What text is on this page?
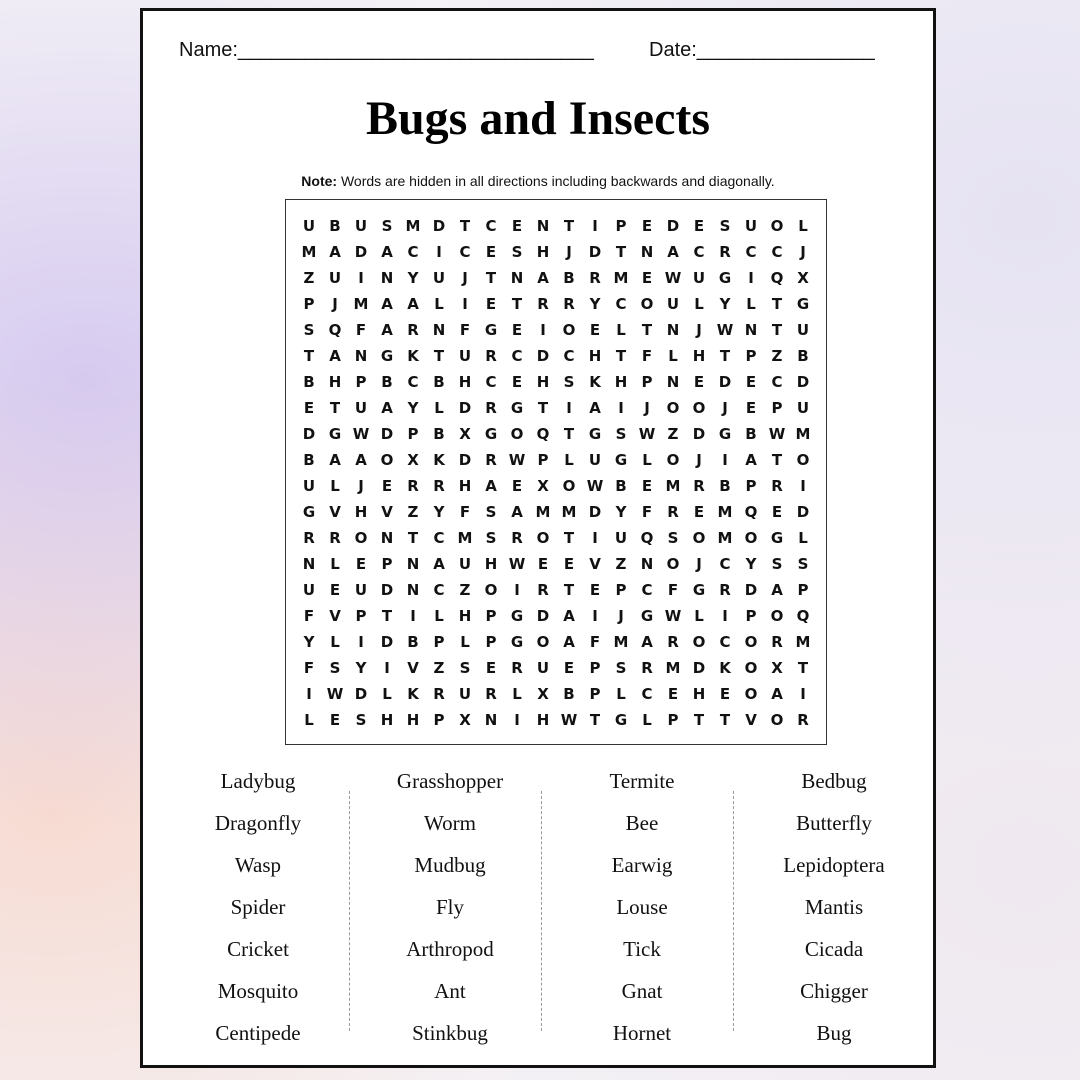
Name:________________________________	Date:________________
Bugs and Insects
Note: Words are hidden in all directions including backwards and diagonally.
U B U S M D T	C	E N T	I	P	E D E	S U O L
M A D A C	I	C	E	S H	J	D T N A C R C C	J
Z U	I	N Y U	J	T N A B R M E W U G	I	Q X
P	J	M A A	L	I	E	T	R R Y	C O U	L	Y	L	T G
S Q F	A R N F G E	I	O E	L	T N	J W N T U
T	A N G K	T U R C D C H T	F	L H T	P	Z B
B H P B C B H C	E H S K H P N E D E	C D
E	T U A Y	L D R G T	I	A	I	J	O O	J	E	P U
D G W D P B X G O Q T G S W Z D G B W M
B A A O X K D R W P	L	U G	L O	J	I	A	T O
U	L	J	E	R R H A	E	X O W B	E M R B P R	I
G V H V Z	Y	F	S A M M D Y	F	R	E M Q E D
R R O N T	C M S R O T	I	U Q S O M O G	L
N L	E	P N A U H W E	E	V Z N O	J	C	Y	S	S
U E U D N C	Z O	I	R	T	E	P C	F G R D A P
F	V P	T	I	L H P G D A	I	J	G W L	I	P O Q
Y	L	I	D B P	L	P G O A	F M A R O C O R M
F	S	Y	I	V Z	S	E	R U E	P	S R M D K O X	T
I W D	L	K R U R	L	X B P	L	C	E H E O A	I
L	E	S H H P X N	I	H W T G	L	P	T	T	V O R
Ladybug
Dragonfly
Wasp
Spider
Cricket
Mosquito
Centipede
Grasshopper
Worm
Mudbug
Fly
Arthropod
Ant
Stinkbug
Termite
Bee
Earwig
Louse
Tick
Gnat
Hornet
Bedbug
Butterfly
Lepidoptera
Mantis
Cicada
Chigger
Bug
